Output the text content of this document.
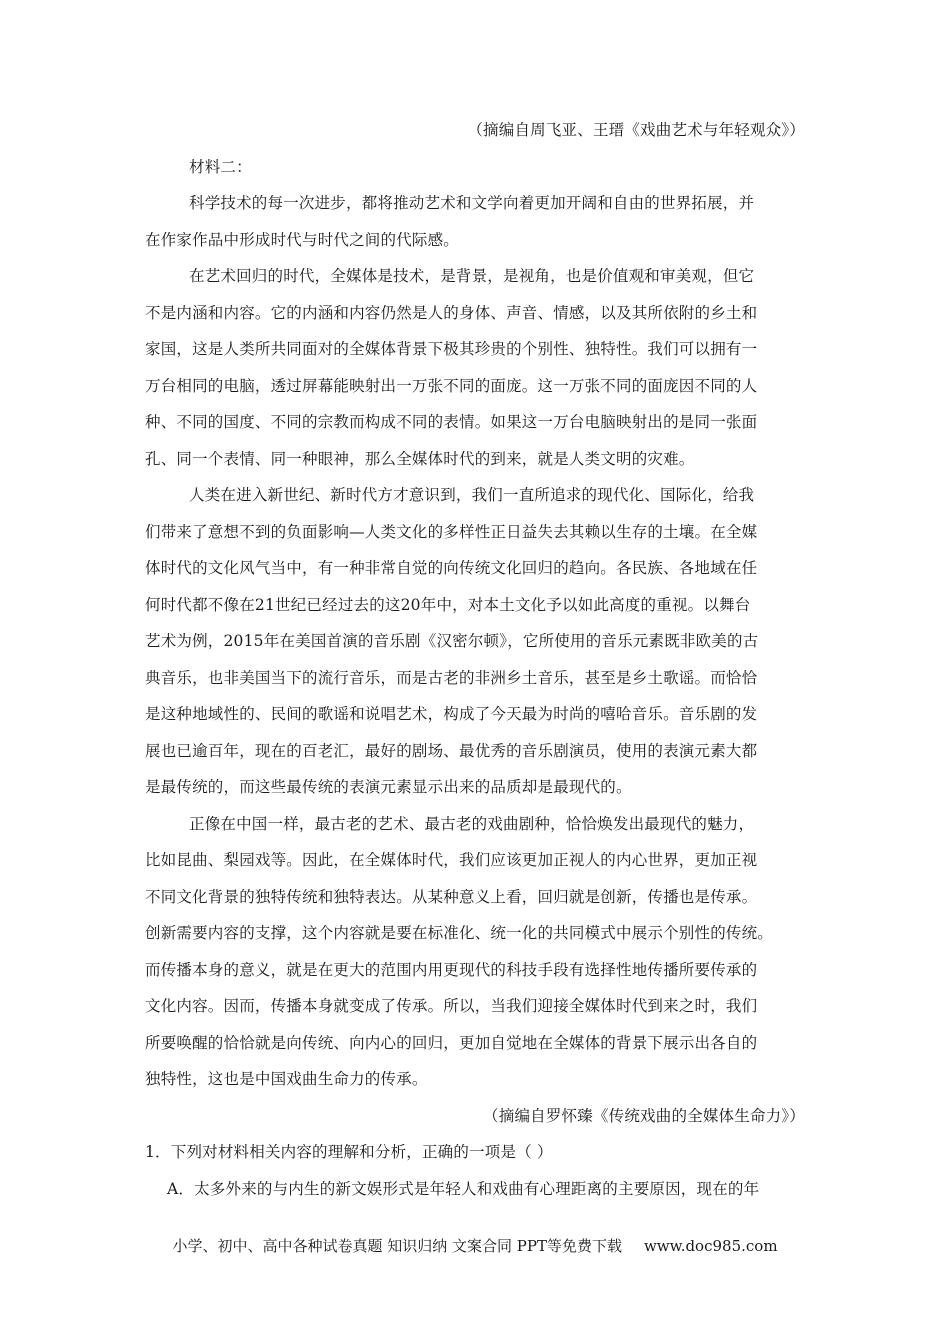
（摘编自周飞亚、王瑨《戏曲艺术与年轻观众》）
材料二：
科学技术的每一次进步，都将推动艺术和文学向着更加开阔和自由的世界拓展，并
在作家作品中形成时代与时代之间的代际感。
在艺术回归的时代，全媒体是技术，是背景，是视角，也是价值观和审美观，但它
不是内涵和内容。它的内涵和内容仍然是人的身体、声音、情感，以及其所依附的乡土和
家国，这是人类所共同面对的全媒体背景下极其珍贵的个别性、独特性。我们可以拥有一
万台相同的电脑，透过屏幕能映射出一万张不同的面庞。这一万张不同的面庞因不同的人
种、不同的国度、不同的宗教而构成不同的表情。如果这一万台电脑映射出的是同一张面
孔、同一个表情、同一种眼神，那么全媒体时代的到来，就是人类文明的灾难。
人类在进入新世纪、新时代方才意识到，我们一直所追求的现代化、国际化，给我
们带来了意想不到的负面影响—人类文化的多样性正日益失去其赖以生存的土壤。在全媒
体时代的文化风气当中，有一种非常自觉的向传统文化回归的趋向。各民族、各地域在任
何时代都不像在21世纪已经过去的这20年中，对本土文化予以如此高度的重视。以舞台
艺术为例，2015年在美国首演的音乐剧《汉密尔顿》，它所使用的音乐元素既非欧美的古
典音乐，也非美国当下的流行音乐，而是古老的非洲乡土音乐，甚至是乡土歌谣。而恰恰
是这种地域性的、民间的歌谣和说唱艺术，构成了今天最为时尚的嘻哈音乐。音乐剧的发
展也已逾百年，现在的百老汇，最好的剧场、最优秀的音乐剧演员，使用的表演元素大都
是最传统的，而这些最传统的表演元素显示出来的品质却是最现代的。
正像在中国一样，最古老的艺术、最古老的戏曲剧种，恰恰焕发出最现代的魅力，
比如昆曲、梨园戏等。因此，在全媒体时代，我们应该更加正视人的内心世界，更加正视
不同文化背景的独特传统和独特表达。从某种意义上看，回归就是创新，传播也是传承。
创新需要内容的支撑，这个内容就是要在标准化、统一化的共同模式中展示个别性的传统。
而传播本身的意义，就是在更大的范围内用更现代的科技手段有选择性地传播所要传承的
文化内容。因而，传播本身就变成了传承。所以，当我们迎接全媒体时代到来之时，我们
所要唤醒的恰恰就是向传统、向内心的回归，更加自觉地在全媒体的背景下展示出各自的
独特性，这也是中国戏曲生命力的传承。
（摘编自罗怀臻《传统戏曲的全媒体生命力》）
1．下列对材料相关内容的理解和分析，正确的一项是（ ）
A．太多外来的与内生的新文娱形式是年轻人和戏曲有心理距离的主要原因，现在的年
小学、初中、高中各种试卷真题 知识归纳 文案合同 PPT等免费下载 www.doc985.com
